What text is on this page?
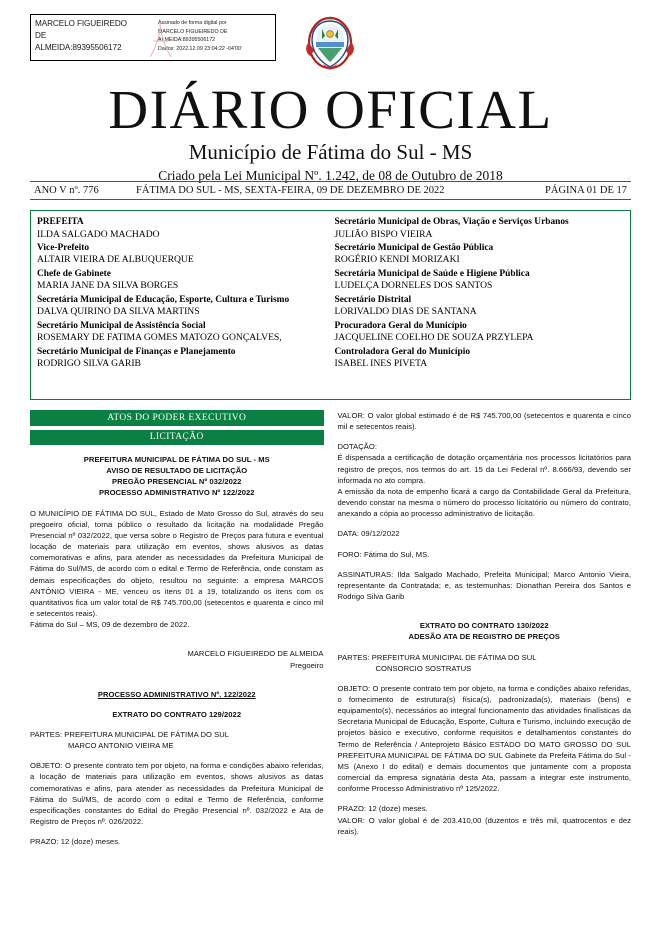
MARCELO FIGUEIREDO
DE
ALMEIDA:89395506172
Assinado de forma digital por
MARCELO FIGUEIREDO DE
ALMEIDA:89395506172
Dados: 2022.12.09 23:04:22 -04'00'
DIÁRIO OFICIAL
Município de Fátima do Sul - MS
Criado pela Lei Municipal Nº. 1.242, de 08 de Outubro de 2018
ANO V nº. 776	FÁTIMA DO SUL - MS, SEXTA-FEIRA, 09 DE DEZEMBRO DE 2022	PÁGINA 01 DE 17
PREFEITA
ILDA SALGADO MACHADO
Vice-Prefeito
ALTAIR VIEIRA DE ALBUQUERQUE
Chefe de Gabinete
MARIA JANE DA SILVA BORGES
Secretária Municipal de Educação, Esporte, Cultura e Turismo
DALVA QUIRINO DA SILVA MARTINS
Secretário Municipal de Assistência Social
ROSEMARY DE FATIMA GOMES MATOZO GONÇALVES,
Secretário Municipal de Finanças e Planejamento
RODRIGO SILVA GARIB
Secretário Municipal de Obras, Viação e Serviços Urbanos
JULIÃO BISPO VIEIRA
Secretário Municipal de Gestão Pública
ROGÉRIO KENDI MORIZAKI
Secretária Municipal de Saúde e Higiene Pública
LUDELÇA DORNELES DOS SANTOS
Secretário Distrital
LORIVALDO DIAS DE SANTANA
Procuradora Geral do Município
JACQUELINE COELHO DE SOUZA PRZYLEPA
Controladora Geral do Município
ISABEL INES PIVETA
ATOS DO PODER EXECUTIVO
LICITAÇÃO

PREFEITURA MUNICIPAL DE FÁTIMA DO SUL - MS

AVISO DE RESULTADO DE LICITAÇÃO

PREGÃO PRESENCIAL Nº 032/2022

PROCESSO ADMINISTRATIVO Nº 122/2022

O MUNICÍPIO DE FÁTIMA DO SUL, Estado de Mato Grosso do Sul, através do seu pregoeiro oficial, torna público o resultado da licitação na modalidade Pregão Presencial nº 032/2022, que versa sobre o Registro de Preços para futura e eventual locação de materiais para utilização em eventos, shows alusivos as datas comemorativas e afins, para atender as necessidades da Prefeitura Municipal de Fátima do Sul/MS, de acordo com o edital e Termo de Referência, onde constam as demais especificações do objeto, resultou no seguinte: a empresa MARCOS ANTÔNIO VIEIRA - ME, venceu os itens 01 a 19, totalizando os itens com os quantitativos fica um valor total de R$ 745.700,00 (setecentos e quarenta e cinco mil e setecentos reais).

Fátima do Sul – MS, 09 de dezembro de 2022.

MARCELO FIGUEIREDO DE ALMEIDA

Pregoeiro

PROCESSO ADMINISTRATIVO Nº. 122/2022

EXTRATO DO CONTRATO 129/2022

PARTES: PREFEITURA MUNICIPAL DE FÁTIMA DO SUL

MARCO ANTONIO VIEIRA ME

OBJETO: O presente contrato tem por objeto, na forma e condições abaixo referidas, a locação de materiais para utilização em eventos, shows alusivos as datas comemorativas e afins, para atender as necessidades da Prefeitura Municipal de Fátima do Sul/MS, de acordo com o edital e Termo de Referência, conforme especificações constantes do Edital do Pregão Presencial nº. 032/2022 e Ata de Registro de Preços nº. 026/2022.

PRAZO: 12 (doze) meses.

VALOR: O valor global estimado é de R$ 745.700,00 (setecentos e quarenta e cinco mil e setecentos reais).

DOTAÇÃO:

É dispensada a certificação de dotação orçamentária nos processos licitatórios para registro de preços, nos termos do art. 15 da Lei Federal nº. 8.666/93, devendo ser informada no ato compra.

A emissão da nota de empenho ficará a cargo da Contabilidade Geral da Prefeitura, devendo constar na mesma o número do processo licitatório ou número do contrato, anexando a cópia ao processo administrativo de licitação.

DATA: 09/12/2022

FORO: Fátima do Sul, MS.

ASSINATURAS: Ilda Salgado Machado, Prefeita Municipal; Marco Antonio Vieira, representante da Contratada; e, as testemunhas: Dionathan Pereira dos Santos e Rodrigo Silva Garib

EXTRATO DO CONTRATO 130/2022

ADESÃO ATA DE REGISTRO DE PREÇOS

PARTES: PREFEITURA MUNICIPAL DE FÁTIMA DO SUL

CONSORCIO SOSTRATUS

OBJETO: O presente contrato tem por objeto, na forma e condições abaixo referidas, o fornecimento de estrutura(s) física(s), padronizada(s), materiais (bens) e equipamento(s), necessários ao integral funcionamento das atividades finalísticas da Secretaria Municipal de Educação, Esporte, Cultura e Turismo, incluindo execução de projetos básico e executivo, conforme requisitos e detalhamentos constantes do Termo de Referência / Anteprojeto Básico ESTADO DO MATO GROSSO DO SUL PREFEITURA MUNICIPAL DE FÁTIMA DO SUL Gabinete da Prefeita Fátima do Sul - MS (Anexo I do edital) e demais documentos que juntamente com a proposta comercial da empresa signatária desta Ata, passam a integrar este instrumento, conforme Processo Administrativo nº 125/2022.

PRAZO: 12 (doze) meses.

VALOR: O valor global é de 203.410,00 (duzentos e três mil, quatrocentos e dez reais).
